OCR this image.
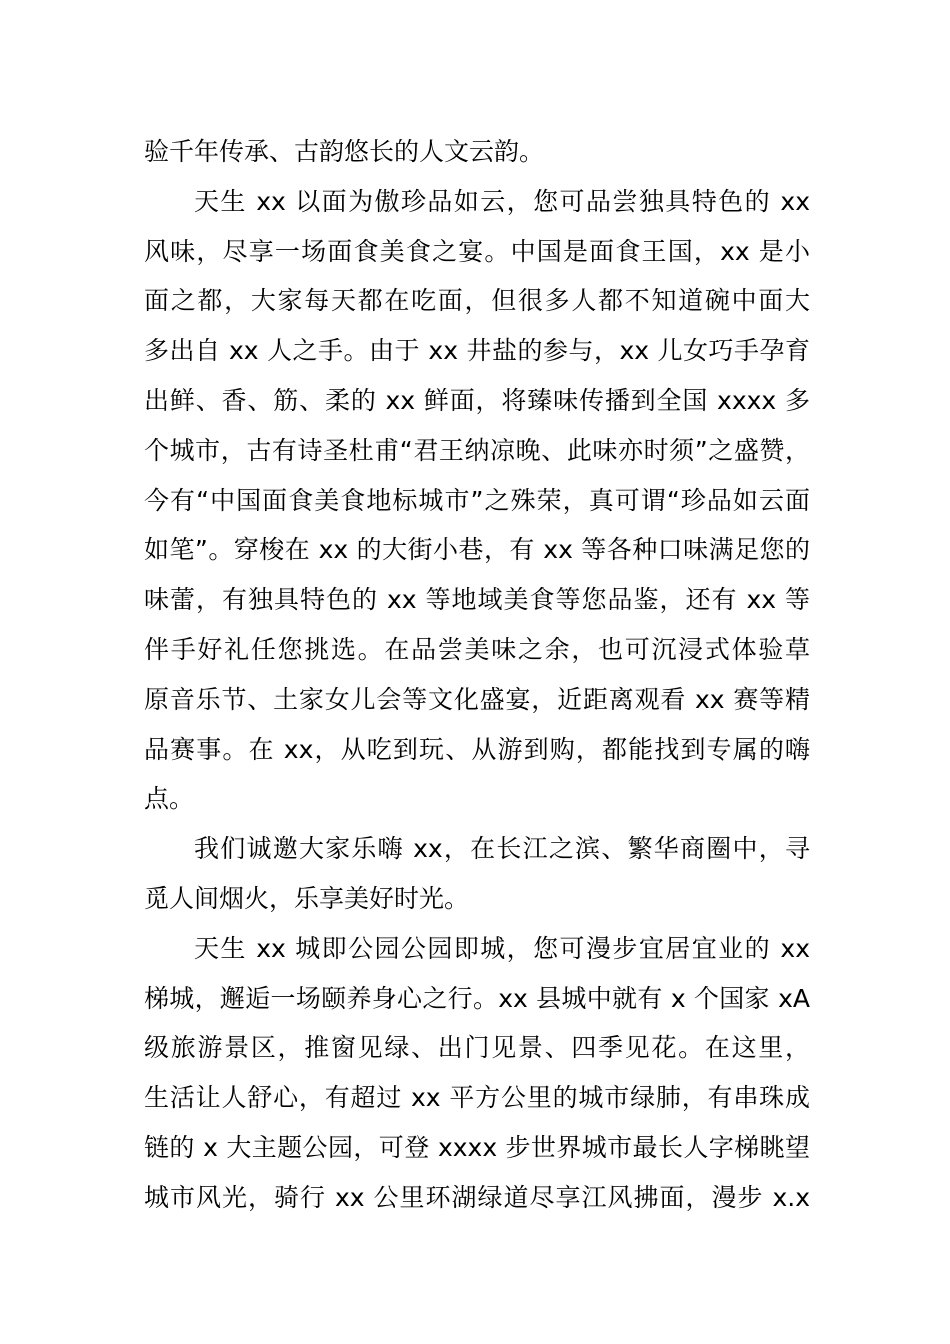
验千年传承、古韵悠长的人文云韵。
天生 xx 以面为傲珍品如云，您可品尝独具特色的 xx
风味，尽享一场面食美食之宴。中国是面食王国，xx 是小
面之都，大家每天都在吃面，但很多人都不知道碗中面大
多出自 xx 人之手。由于 xx 井盐的参与，xx 儿女巧手孕育
出鲜、香、筋、柔的 xx 鲜面，将臻味传播到全国 xxxx 多
个城市，古有诗圣杜甫“君王纳凉晚、此味亦时须”之盛赞，
今有“中国面食美食地标城市”之殊荣，真可谓“珍品如云面
如笔”。穿梭在 xx 的大街小巷，有 xx 等各种口味满足您的
味蕾，有独具特色的 xx 等地域美食等您品鉴，还有 xx 等
伴手好礼任您挑选。在品尝美味之余，也可沉浸式体验草
原音乐节、土家女儿会等文化盛宴，近距离观看 xx 赛等精
品赛事。在 xx，从吃到玩、从游到购，都能找到专属的嗨
点。
我们诚邀大家乐嗨 xx，在长江之滨、繁华商圈中，寻
觅人间烟火，乐享美好时光。
天生 xx 城即公园公园即城，您可漫步宜居宜业的 xx
梯城，邂逅一场颐养身心之行。xx 县城中就有 x 个国家 xA
级旅游景区，推窗见绿、出门见景、四季见花。在这里，
生活让人舒心，有超过 xx 平方公里的城市绿肺，有串珠成
链的 x 大主题公园，可登 xxxx 步世界城市最长人字梯眺望
城市风光，骑行 xx 公里环湖绿道尽享江风拂面，漫步 x.x
